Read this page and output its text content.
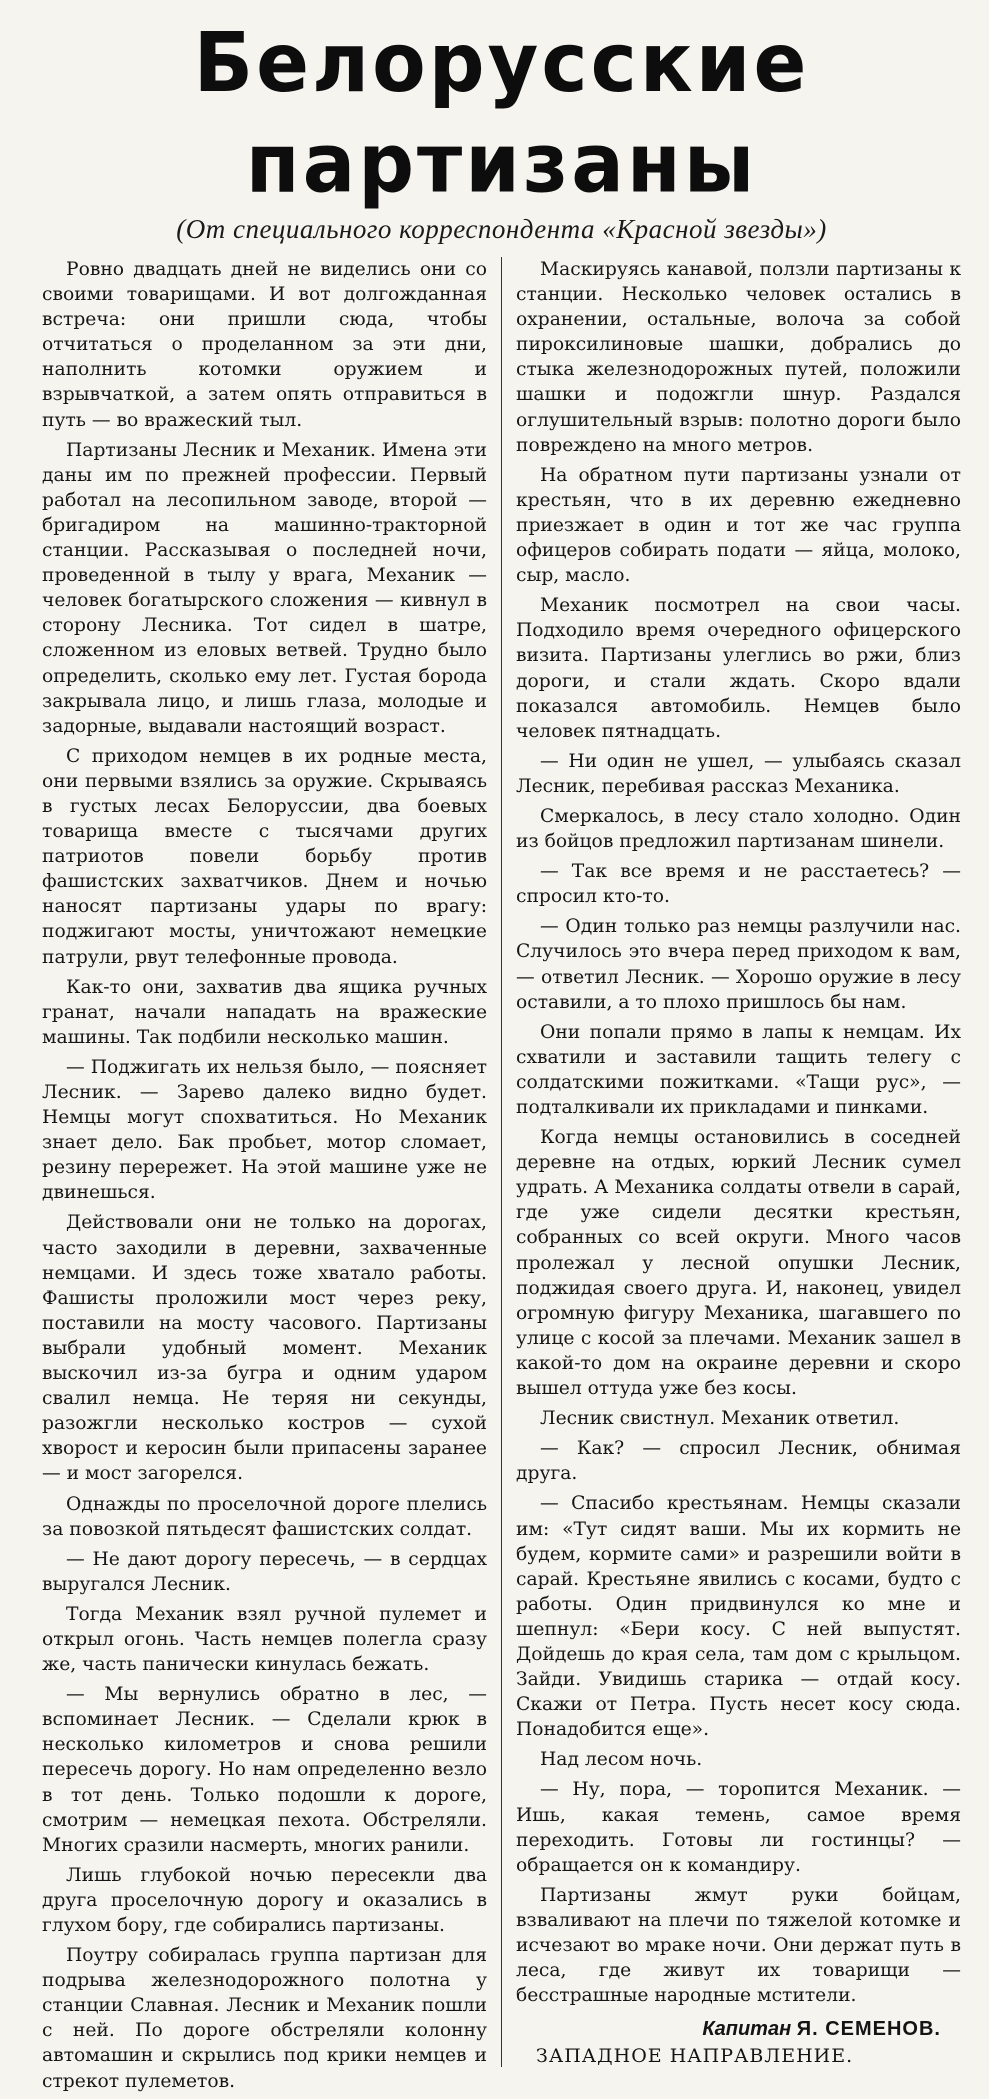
Белорусские партизаны
(От специального корреспондента «Красной звезды»)

Ровно двадцать дней не виделись они со своими товарищами. И вот долгожданная встреча: они пришли сюда, чтобы отчитаться о проделанном за эти дни, наполнить котомки оружием и взрывчаткой, а затем опять отправиться в путь — во вражеский тыл.

Партизаны Лесник и Механик. Имена эти даны им по прежней профессии. Первый работал на лесопильном заводе, второй — бригадиром на машинно-тракторной станции. Рассказывая о последней ночи, проведенной в тылу у врага, Механик — человек богатырского сложения — кивнул в сторону Лесника. Тот сидел в шатре, сложенном из еловых ветвей. Трудно было определить, сколько ему лет. Густая борода закрывала лицо, и лишь глаза, молодые и задорные, выдавали настоящий возраст.

С приходом немцев в их родные места, они первыми взялись за оружие. Скрываясь в густых лесах Белоруссии, два боевых товарища вместе с тысячами других патриотов повели борьбу против фашистских захватчиков. Днем и ночью наносят партизаны удары по врагу: поджигают мосты, уничтожают немецкие патрули, рвут телефонные провода.

Как-то они, захватив два ящика ручных гранат, начали нападать на вражеские машины. Так подбили несколько машин.

— Поджигать их нельзя было, — поясняет Лесник. — Зарево далеко видно будет. Немцы могут спохватиться. Но Механик знает дело. Бак пробьет, мотор сломает, резину перережет. На этой машине уже не двинешься.

Действовали они не только на дорогах, часто заходили в деревни, захваченные немцами. И здесь тоже хватало работы. Фашисты проложили мост через реку, поставили на мосту часового. Партизаны выбрали удобный момент. Механик выскочил из-за бугра и одним ударом свалил немца. Не теряя ни секунды, разожгли несколько костров — сухой хворост и керосин были припасены заранее — и мост загорелся.

Однажды по проселочной дороге плелись за повозкой пятьдесят фашистских солдат.

— Не дают дорогу пересечь, — в сердцах выругался Лесник.

Тогда Механик взял ручной пулемет и открыл огонь. Часть немцев полегла сразу же, часть панически кинулась бежать.

— Мы вернулись обратно в лес, — вспоминает Лесник. — Сделали крюк в несколько километров и снова решили пересечь дорогу. Но нам определенно везло в тот день. Только подошли к дороге, смотрим — немецкая пехота. Обстреляли. Многих сразили насмерть, многих ранили.

Лишь глубокой ночью пересекли два друга проселочную дорогу и оказались в глухом бору, где собирались партизаны.

Поутру собиралась группа партизан для подрыва железнодорожного полотна у станции Славная. Лесник и Механик пошли с ней. По дороге обстреляли колонну автомашин и скрылись под крики немцев и стрекот пулеметов.

Маскируясь канавой, ползли партизаны к станции. Несколько человек остались в охранении, остальные, волоча за собой пироксилиновые шашки, добрались до стыка железнодорожных путей, положили шашки и подожгли шнур. Раздался оглушительный взрыв: полотно дороги было повреждено на много метров.

На обратном пути партизаны узнали от крестьян, что в их деревню ежедневно приезжает в один и тот же час группа офицеров собирать подати — яйца, молоко, сыр, масло.

Механик посмотрел на свои часы. Подходило время очередного офицерского визита. Партизаны улеглись во ржи, близ дороги, и стали ждать. Скоро вдали показался автомобиль. Немцев было человек пятнадцать.

— Ни один не ушел, — улыбаясь сказал Лесник, перебивая рассказ Механика.

Смеркалось, в лесу стало холодно. Один из бойцов предложил партизанам шинели.

— Так все время и не расстаетесь? — спросил кто-то.

— Один только раз немцы разлучили нас. Случилось это вчера перед приходом к вам, — ответил Лесник. — Хорошо оружие в лесу оставили, а то плохо пришлось бы нам.

Они попали прямо в лапы к немцам. Их схватили и заставили тащить телегу с солдатскими пожитками. «Тащи рус», — подталкивали их прикладами и пинками.

Когда немцы остановились в соседней деревне на отдых, юркий Лесник сумел удрать. А Механика солдаты отвели в сарай, где уже сидели десятки крестьян, собранных со всей округи. Много часов пролежал у лесной опушки Лесник, поджидая своего друга. И, наконец, увидел огромную фигуру Механика, шагавшего по улице с косой за плечами. Механик зашел в какой-то дом на окраине деревни и скоро вышел оттуда уже без косы.

Лесник свистнул. Механик ответил.

— Как? — спросил Лесник, обнимая друга.

— Спасибо крестьянам. Немцы сказали им: «Тут сидят ваши. Мы их кормить не будем, кормите сами» и разрешили войти в сарай. Крестьяне явились с косами, будто с работы. Один придвинулся ко мне и шепнул: «Бери косу. С ней выпустят. Дойдешь до края села, там дом с крыльцом. Зайди. Увидишь старика — отдай косу. Скажи от Петра. Пусть несет косу сюда. Понадобится еще».

Над лесом ночь.

— Ну, пора, — торопится Механик. — Ишь, какая темень, самое время переходить. Готовы ли гостинцы? — обращается он к командиру.

Партизаны жмут руки бойцам, взваливают на плечи по тяжелой котомке и исчезают во мраке ночи. Они держат путь в леса, где живут их товарищи — бесстрашные народные мстители.

Капитан Я. СЕМЕНОВ.
ЗАПАДНОЕ НАПРАВЛЕНИЕ.
